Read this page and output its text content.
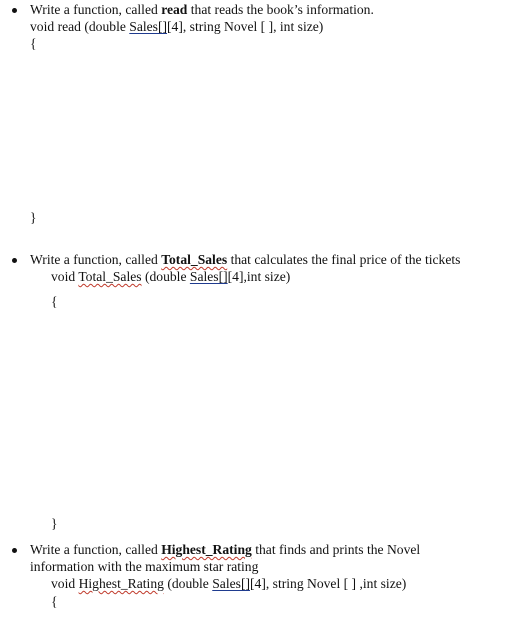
Write a function, called read that reads the book’s information.
void read (double Sales[][4], string Novel [ ], int size)
{
}
Write a function, called Total_Sales that calculates the final price of the tickets
void Total_Sales (double Sales[][4],int size)
{
}
Write a function, called Highest_Rating that finds and prints the Novel
information with the maximum star rating
void Highest_Rating (double Sales[][4], string Novel [ ] ,int size)
{
